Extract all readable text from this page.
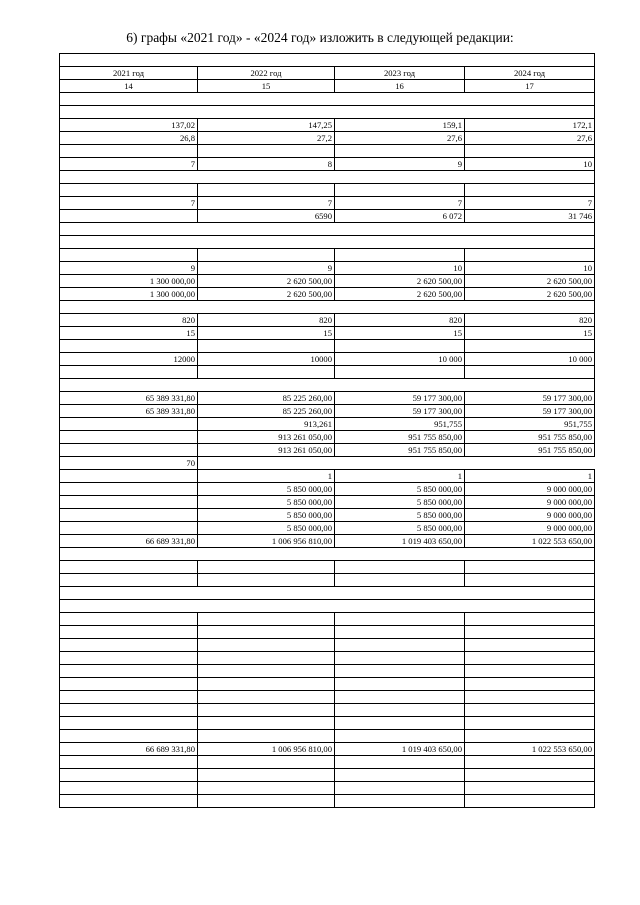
6) графы «2021 год» - «2024 год» изложить в следующей редакции:

2021 год	2022 год	2023 год	2024 год
14	15	16	17

137,02	147,25	159,1	172,1
26,8	27,2	27,6	27,6

7	8	9	10

7	7	7	7
	6590	6 072	31 746

9	9	10	10
1 300 000,00	2 620 500,00	2 620 500,00	2 620 500,00
1 300 000,00	2 620 500,00	2 620 500,00	2 620 500,00

820	820	820	820
15	15	15	15

12000	10000	10 000	10 000

65 389 331,80	85 225 260,00	59 177 300,00	59 177 300,00
65 389 331,80	85 225 260,00	59 177 300,00	59 177 300,00
	913,261	951,755	951,755
	913 261 050,00	951 755 850,00	951 755 850,00
	913 261 050,00	951 755 850,00	951 755 850,00
70			
	1	1	1
	5 850 000,00	5 850 000,00	9 000 000,00
	5 850 000,00	5 850 000,00	9 000 000,00
	5 850 000,00	5 850 000,00	9 000 000,00
	5 850 000,00	5 850 000,00	9 000 000,00
66 689 331,80	1 006 956 810,00	1 019 403 650,00	1 022 553 650,00

66 689 331,80	1 006 956 810,00	1 019 403 650,00	1 022 553 650,00
